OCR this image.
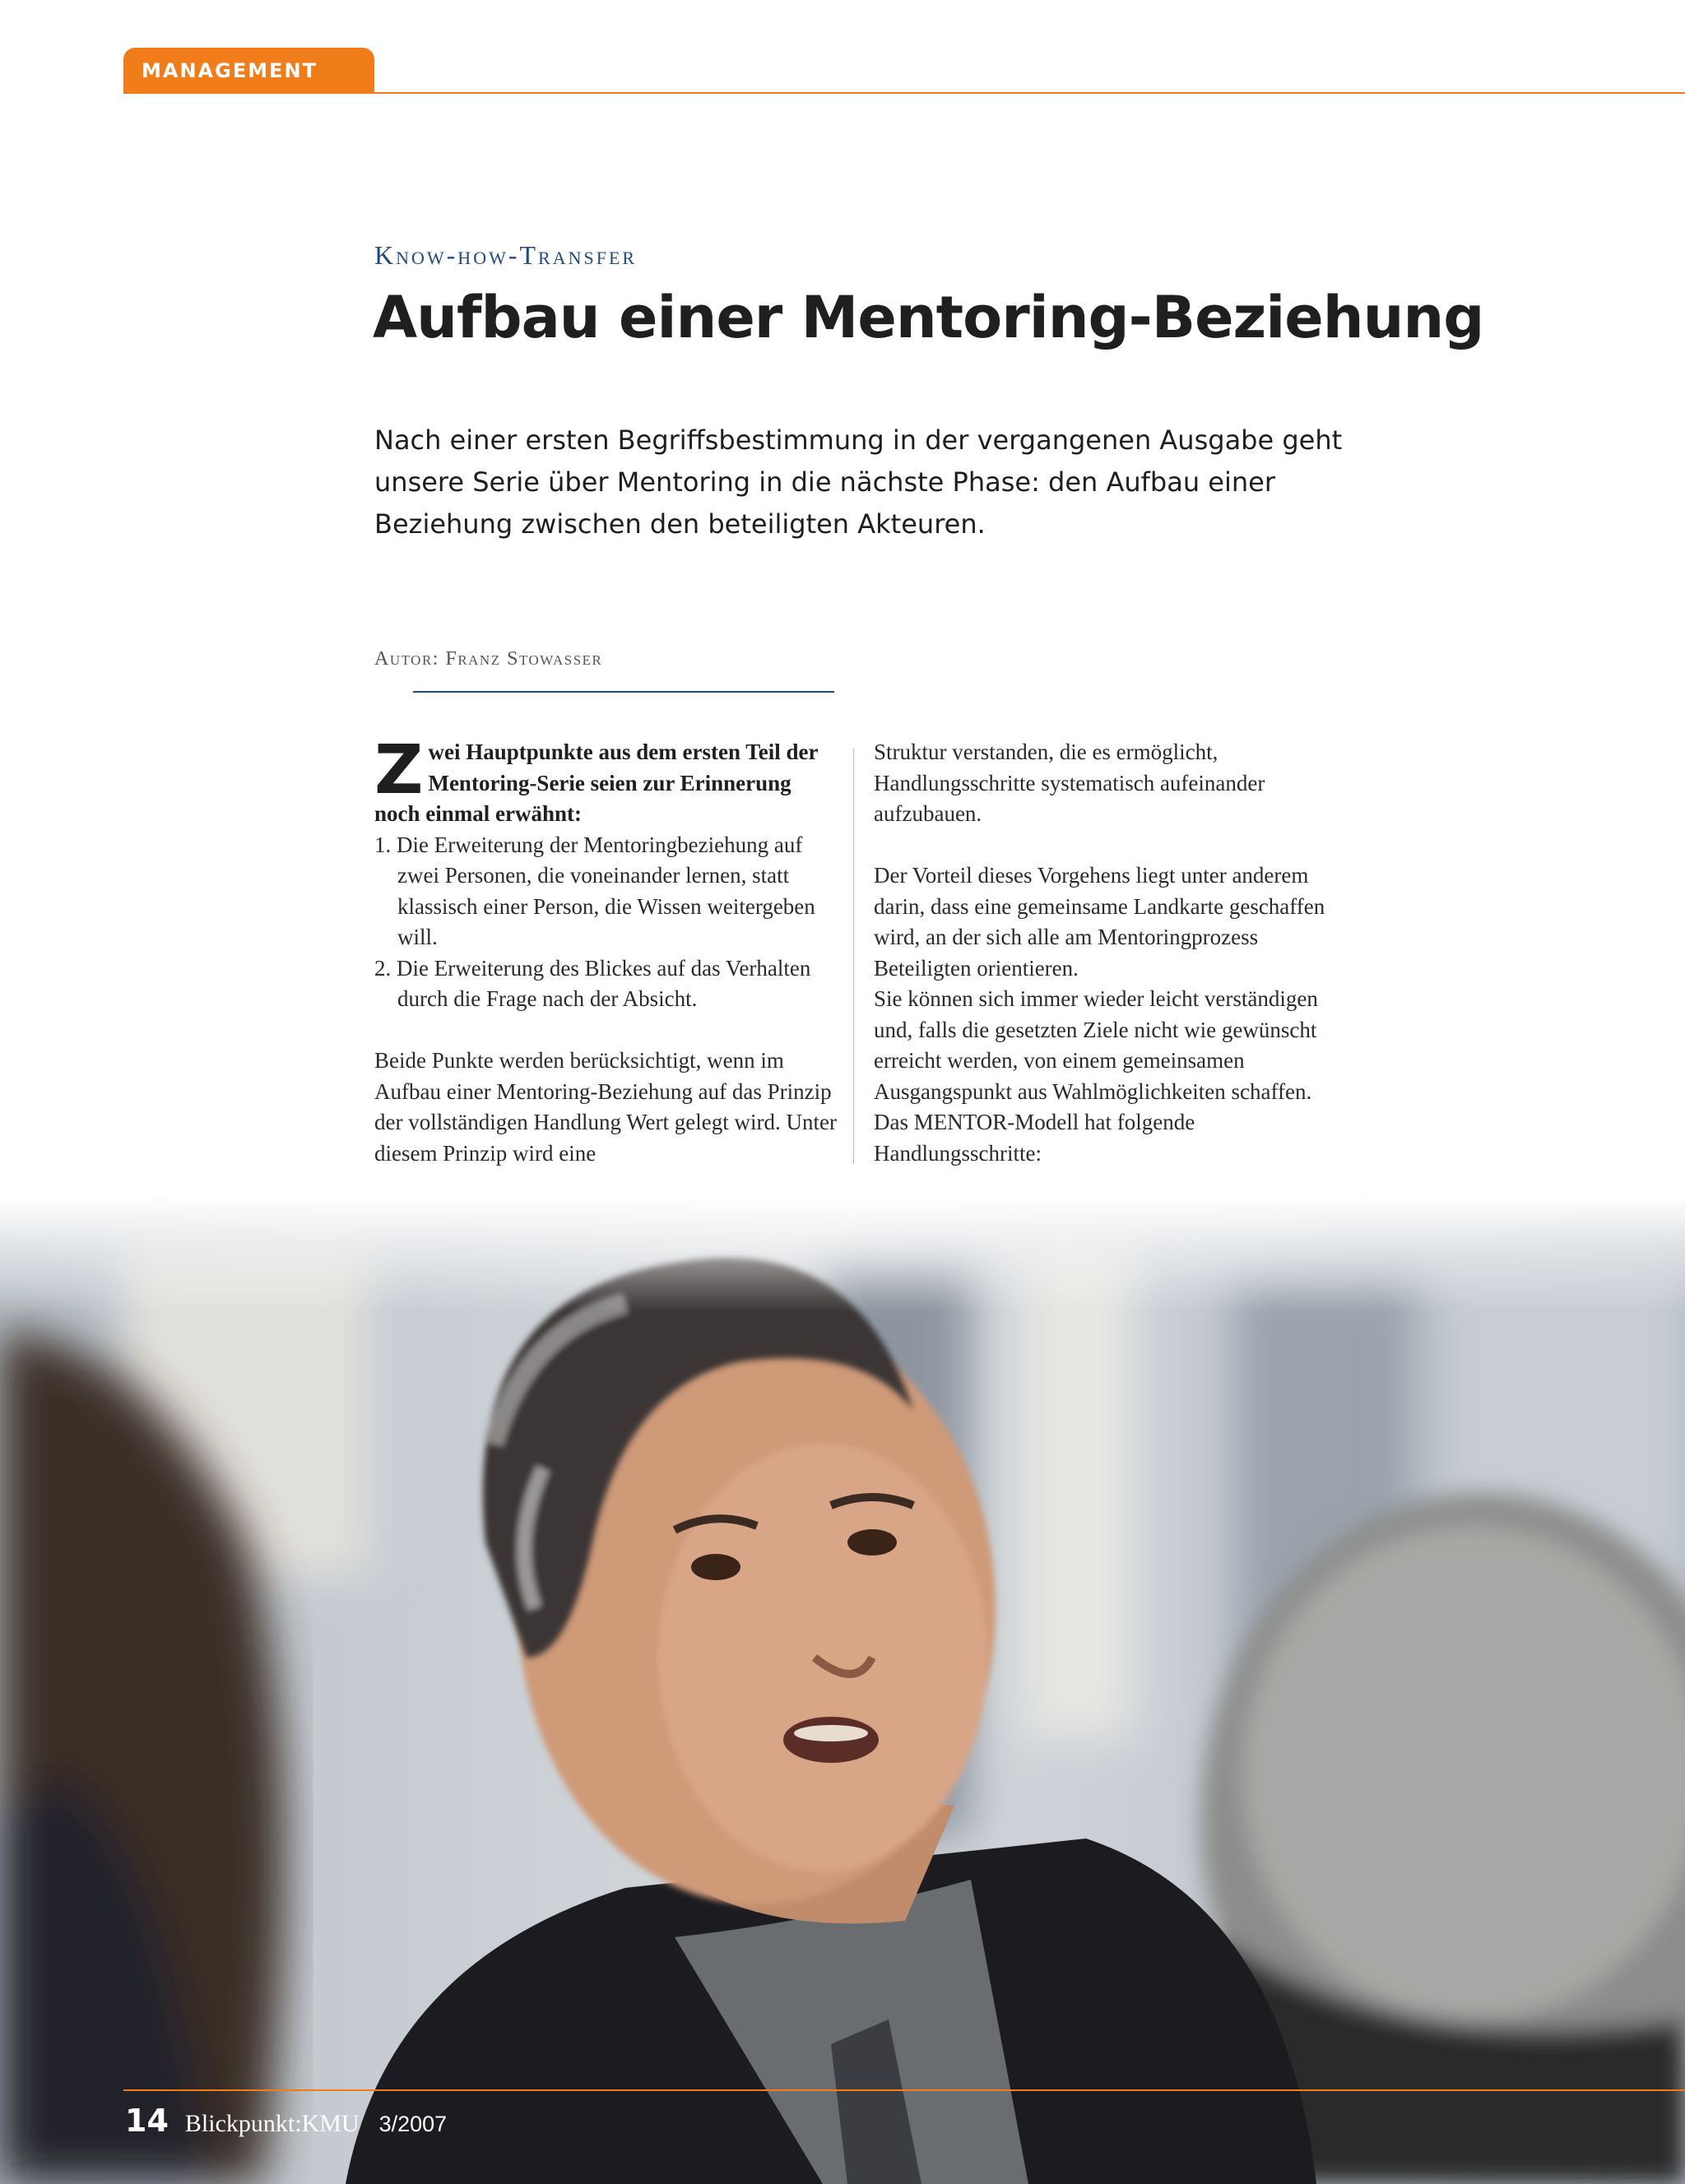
MANAGEMENT
Know-how-Transfer
Aufbau einer Mentoring-Beziehung

Nach einer ersten Begriffsbestimmung in der vergangenen Ausgabe geht unsere Serie über Mentoring in die nächste Phase: den Aufbau einer Beziehung zwischen den beteiligten Akteuren.

Autor: Franz Stowasser

Zwei Hauptpunkte aus dem ersten Teil der Mentoring-Serie seien zur Erinnerung noch einmal erwähnt:

1. Die Erweiterung der Mentoringbeziehung auf zwei Personen, die voneinander lernen, statt klassisch einer Person, die Wissen weitergeben will.
2. Die Erweiterung des Blickes auf das Verhalten durch die Frage nach der Absicht.

Beide Punkte werden berücksichtigt, wenn im Aufbau einer Mentoring-Beziehung auf das Prinzip der vollständigen Handlung Wert gelegt wird. Unter diesem Prinzip wird eine

Struktur verstanden, die es ermöglicht, Handlungsschritte systematisch aufeinander aufzubauen.

Der Vorteil dieses Vorgehens liegt unter anderem darin, dass eine gemeinsame Landkarte geschaffen wird, an der sich alle am Mentoringprozess Beteiligten orientieren.

Sie können sich immer wieder leicht verständigen und, falls die gesetzten Ziele nicht wie gewünscht erreicht werden, von einem gemeinsamen Ausgangspunkt aus Wahlmöglichkeiten schaffen. Das MENTOR-Modell hat folgende Handlungsschritte:

14 Blickpunkt:KMU 3/2007
